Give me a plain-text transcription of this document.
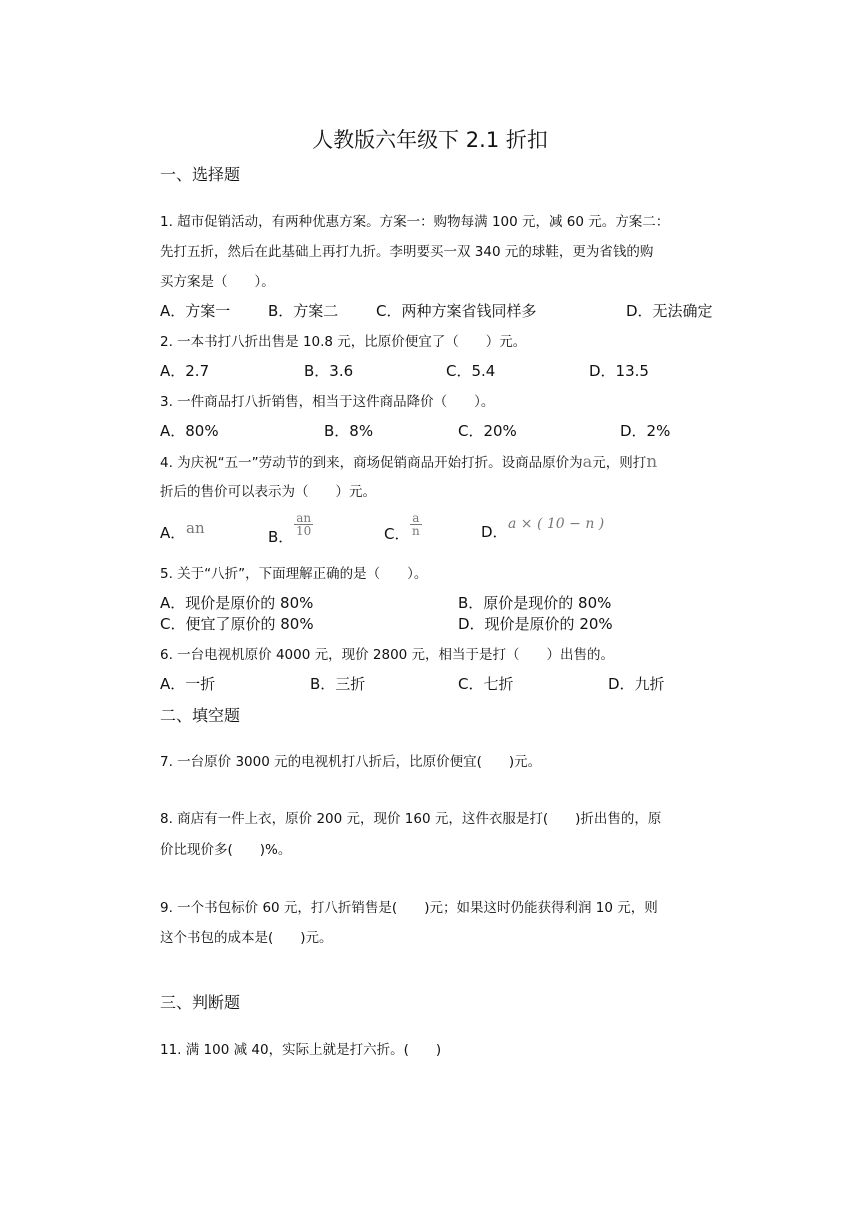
人教版六年级下 2.1 折扣
一、选择题
1. 超市促销活动，有两种优惠方案。方案一：购物每满 100 元，减 60 元。方案二：
先打五折，然后在此基础上再打九折。李明要买一双 340 元的球鞋，更为省钱的购
买方案是（　　）。
A．方案一	B．方案二	C．两种方案省钱同样多	D．无法确定
2. 一本书打八折出售是 10.8 元，比原价便宜了（　　）元。
A．2.7	B．3.6	C．5.4	D．13.5
3. 一件商品打八折销售，相当于这件商品降价（　　）。
A．80%	B．8%	C．20%	D．2%
4. 为庆祝“五一”劳动节的到来，商场促销商品开始打折。设商品原价为a元，则打n
折后的售价可以表示为（　　）元。
A． an	B． $\frac{an}{10}$	C． $\frac{a}{n}$	D． a × ( 10 − n )
5. 关于“八折”，下面理解正确的是（　　）。
A．现价是原价的 80%	B．原价是现价的 80%
C．便宜了原价的 80%	D．现价是原价的 20%
6. 一台电视机原价 4000 元，现价 2800 元，相当于是打（　　）出售的。
A．一折	B．三折	C．七折	D．九折
二、填空题
7. 一台原价 3000 元的电视机打八折后，比原价便宜(　　)元。
8. 商店有一件上衣，原价 200 元，现价 160 元，这件衣服是打(　　)折出售的，原
价比现价多(　　)%。
9. 一个书包标价 60 元，打八折销售是(　　)元；如果这时仍能获得利润 10 元，则
这个书包的成本是(　　)元。
三、判断题
11. 满 100 减 40，实际上就是打六折。(　　)
